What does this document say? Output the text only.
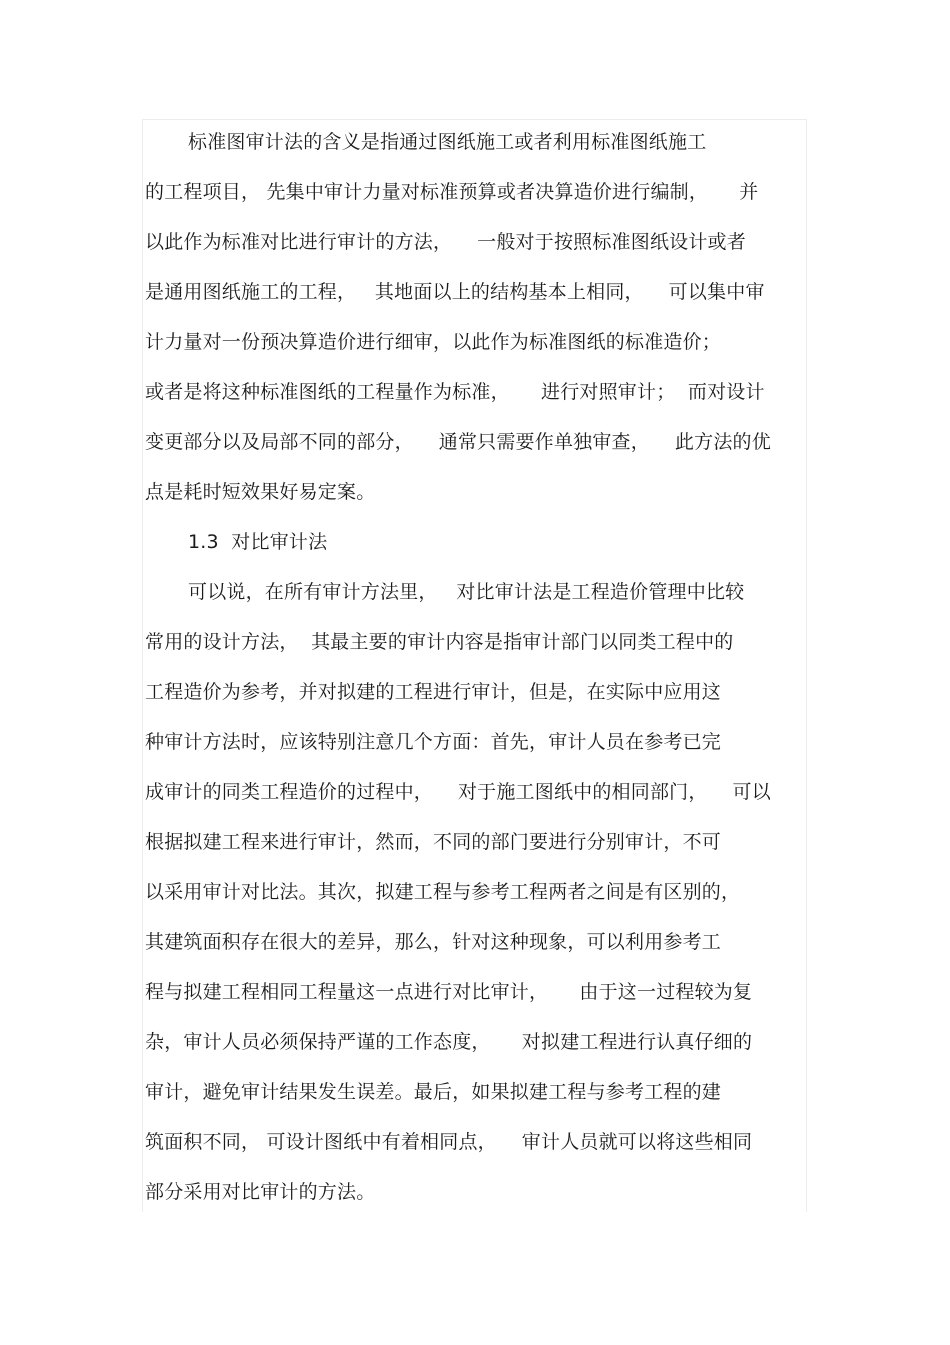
标准图审计法的含义是指通过图纸施工或者利用标准图纸施工
的工程项目， 先集中审计力量对标准预算或者决算造价进行编制，     并
以此作为标准对比进行审计的方法，    一般对于按照标准图纸设计或者
是通用图纸施工的工程，   其地面以上的结构基本上相同，    可以集中审
计力量对一份预决算造价进行细审，以此作为标准图纸的标准造价；
或者是将这种标准图纸的工程量作为标准，     进行对照审计；  而对设计
变更部分以及局部不同的部分，    通常只需要作单独审查，    此方法的优
点是耗时短效果好易定案。
1.3  对比审计法
可以说，在所有审计方法里，   对比审计法是工程造价管理中比较
常用的设计方法，  其最主要的审计内容是指审计部门以同类工程中的
工程造价为参考，并对拟建的工程进行审计，但是，在实际中应用这
种审计方法时，应该特别注意几个方面：首先，审计人员在参考已完
成审计的同类工程造价的过程中，    对于施工图纸中的相同部门，    可以
根据拟建工程来进行审计，然而，不同的部门要进行分别审计，不可
以采用审计对比法。其次，拟建工程与参考工程两者之间是有区别的，
其建筑面积存在很大的差异，那么，针对这种现象，可以利用参考工
程与拟建工程相同工程量这一点进行对比审计，     由于这一过程较为复
杂，审计人员必须保持严谨的工作态度，     对拟建工程进行认真仔细的
审计，避免审计结果发生误差。最后，如果拟建工程与参考工程的建
筑面积不同， 可设计图纸中有着相同点，    审计人员就可以将这些相同
部分采用对比审计的方法。
